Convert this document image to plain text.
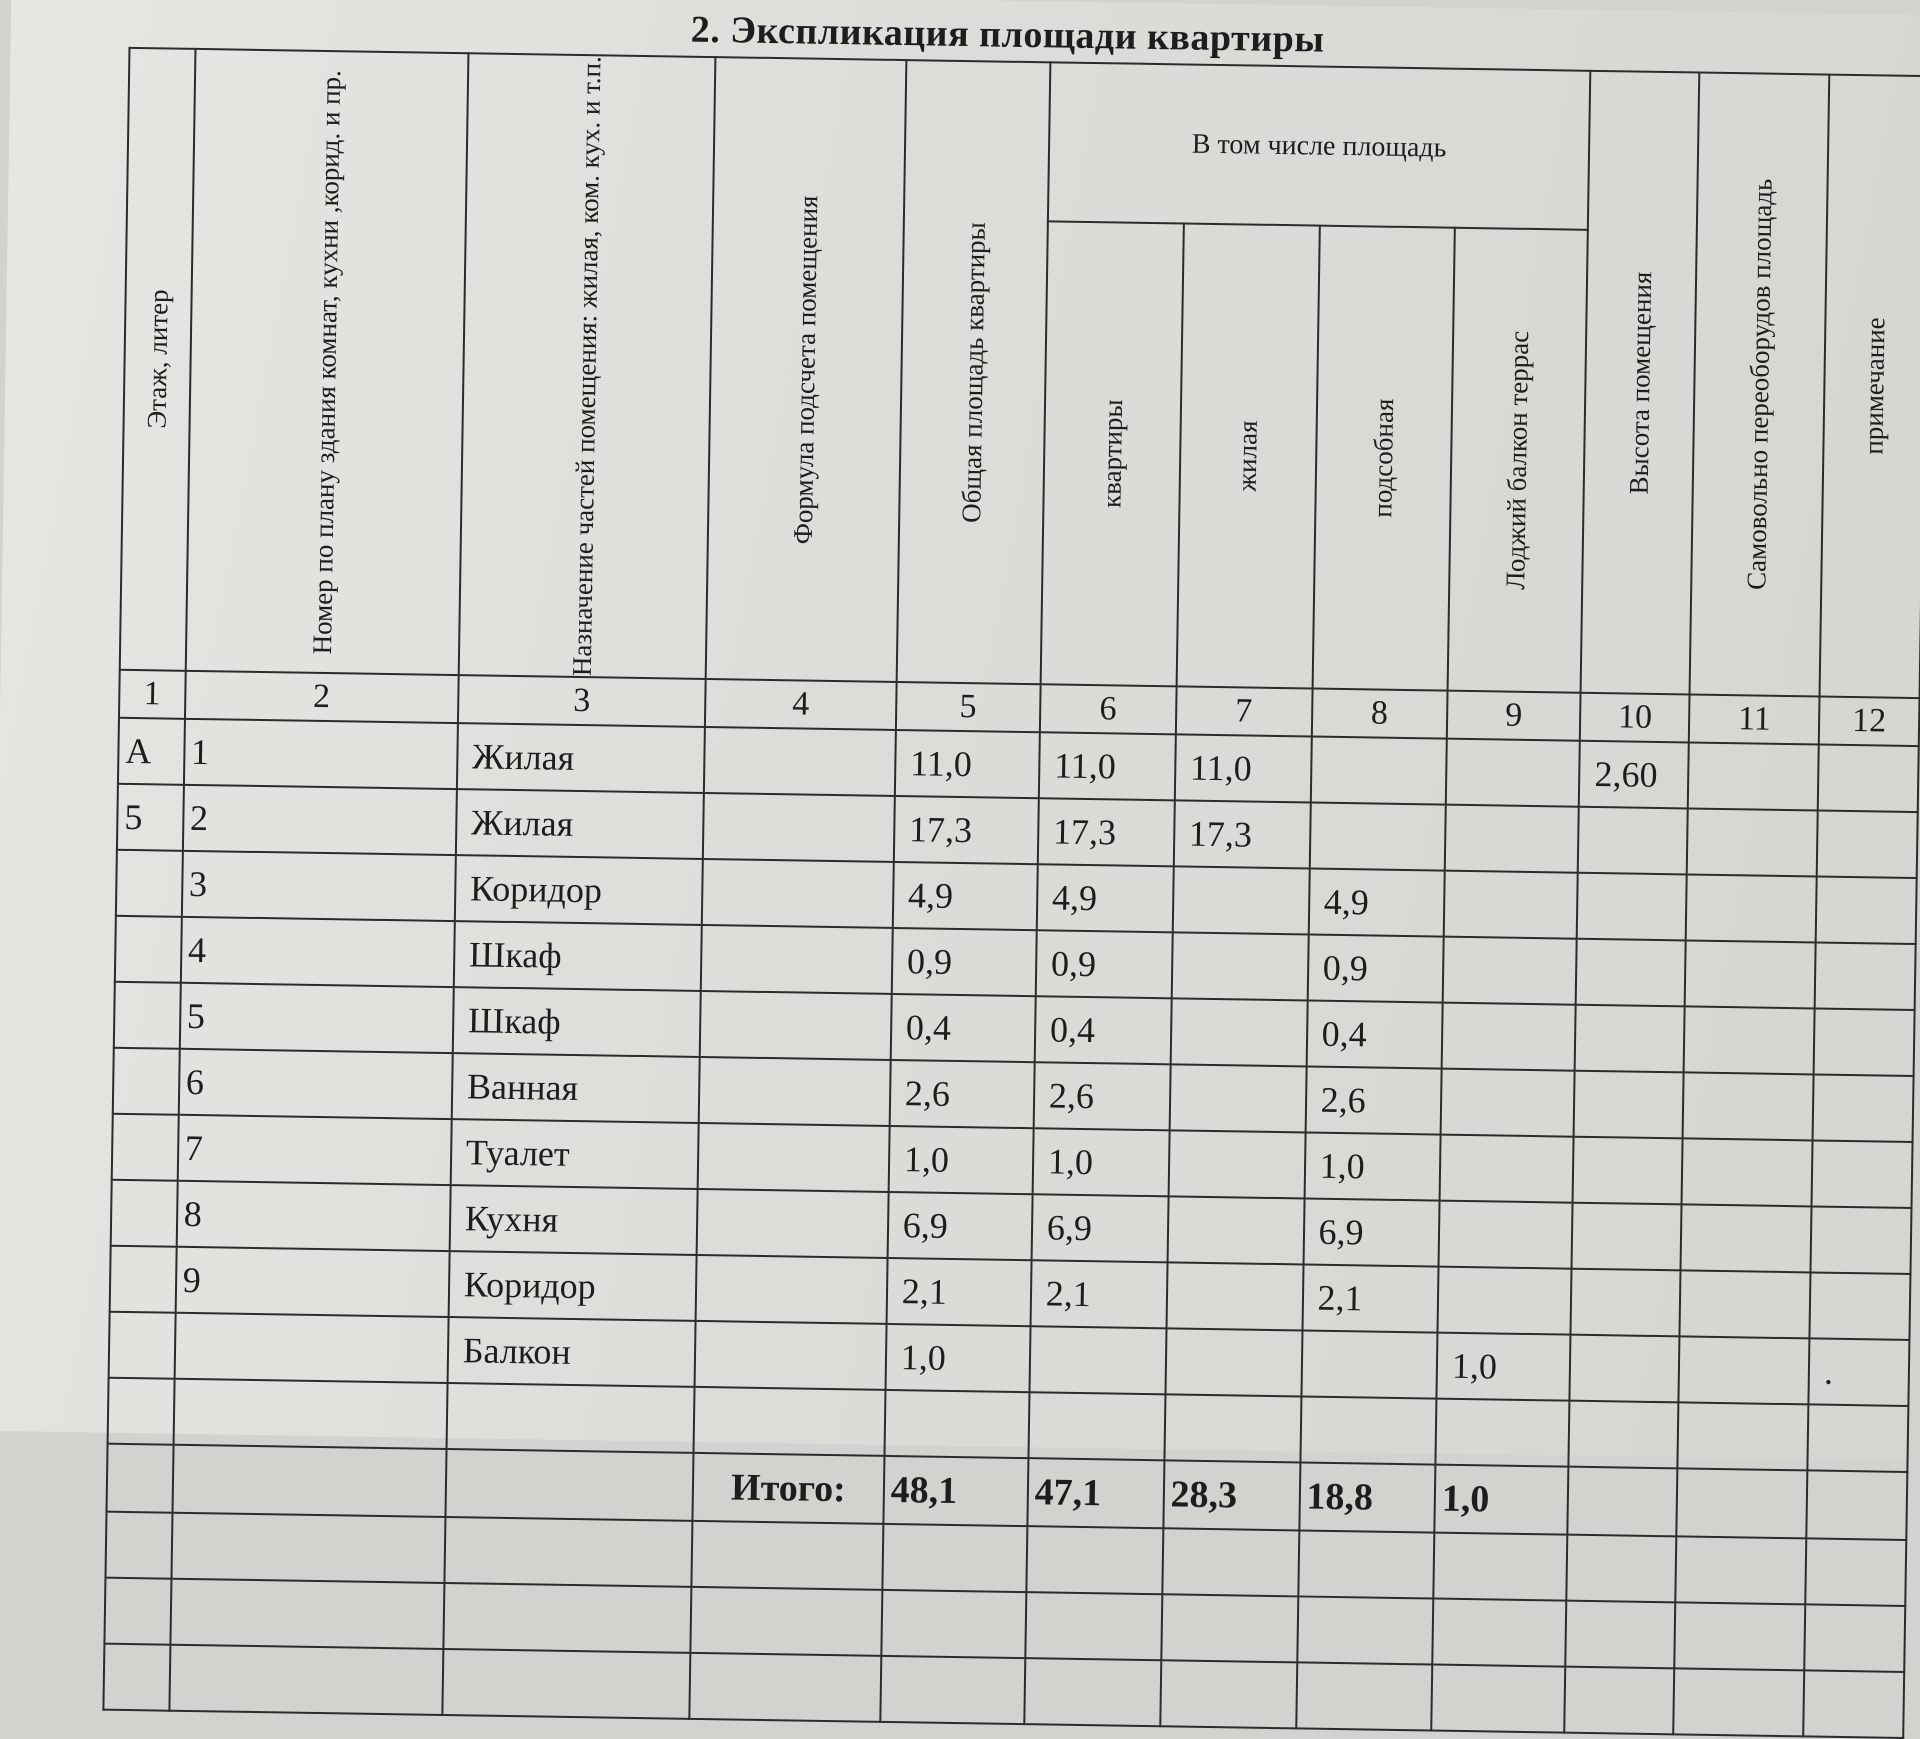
2. Экспликация площади квартиры
Этаж, литер	Номер по плану здания комнат, кухни ,корид. и пр.	Назначение частей помещения: жилая, ком. кух. и т.п.	Формула подсчета помещения	Общая площадь квартиры	В том числе площадь				Высота помещения	Самовольно переоборудов площадь	примечание

					квартиры	жилая	подсобная	Лоджий балкон террас			

1	2	3	4	5	6	7	8	9	10	11	12
А	1	Жилая		11,0	11,0	11,0			2,60		
5	2	Жилая		17,3	17,3	17,3					
	3	Коридор		4,9	4,9		4,9				
	4	Шкаф		0,9	0,9		0,9				
	5	Шкаф		0,4	0,4		0,4				
	6	Ванная		2,6	2,6		2,6				
	7	Туалет		1,0	1,0		1,0				
	8	Кухня		6,9	6,9		6,9				
	9	Коридор		2,1	2,1		2,1				
		Балкон		1,0				1,0			.

			Итого:	48,1	47,1	28,3	18,8	1,0			
